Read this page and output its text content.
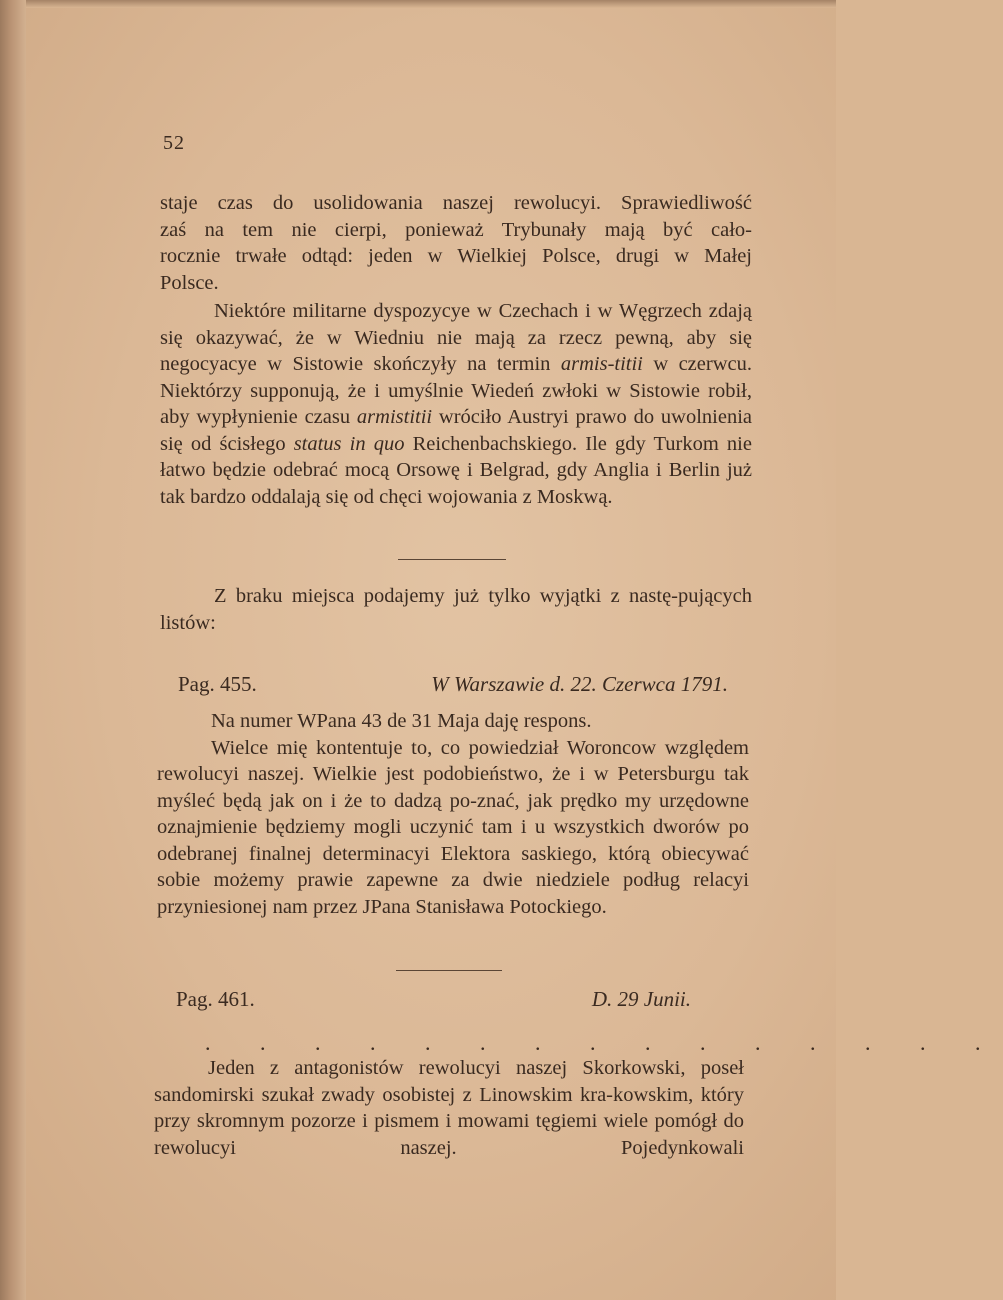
52

staje czas do usolidowania naszej rewolucyi. Sprawiedliwość

zaś na tem nie cierpi, ponieważ Trybunały mają być cało-

rocznie trwałe odtąd: jeden w Wielkiej Polsce, drugi w Małej

Polsce.

Niektóre militarne dyspozycye w Czechach i w Węgrzech zdają się okazywać, że w Wiedniu nie mają za rzecz pewną, aby się negocyacye w Sistowie skończyły na termin armis-titii w czerwcu. Niektórzy supponują, że i umyślnie Wiedeń zwłoki w Sistowie robił, aby wypłynienie czasu armistitii wróciło Austryi prawo do uwolnienia się od ścisłego status in quo Reichenbachskiego. Ile gdy Turkom nie łatwo będzie odebrać mocą Orsowę i Belgrad, gdy Anglia i Berlin już tak bardzo oddalają się od chęci wojowania z Moskwą.

Z braku miejsca podajemy już tylko wyjątki z nastę-pujących listów:

Pag. 455.	W Warszawie d. 22. Czerwca 1791.

Na numer WPana 43 de 31 Maja daję respons.

Wielce mię kontentuje to, co powiedział Woroncow względem rewolucyi naszej. Wielkie jest podobieństwo, że i w Petersburgu tak myśleć będą jak on i że to dadzą po-znać, jak prędko my urzędowne oznajmienie będziemy mogli uczynić tam i u wszystkich dworów po odebranej finalnej determinacyi Elektora saskiego, którą obiecywać sobie możemy prawie zapewne za dwie niedziele podług relacyi przyniesionej nam przez JPana Stanisława Potockiego.

Pag. 461.	D. 29 Junii.
. . . . . . . . . . . . . . .

Jeden z antagonistów rewolucyi naszej Skorkowski, poseł sandomirski szukał zwady osobistej z Linowskim kra-kowskim, który przy skromnym pozorze i pismem i mowami tęgiemi wiele pomógł do rewolucyi naszej. Pojedynkowali
